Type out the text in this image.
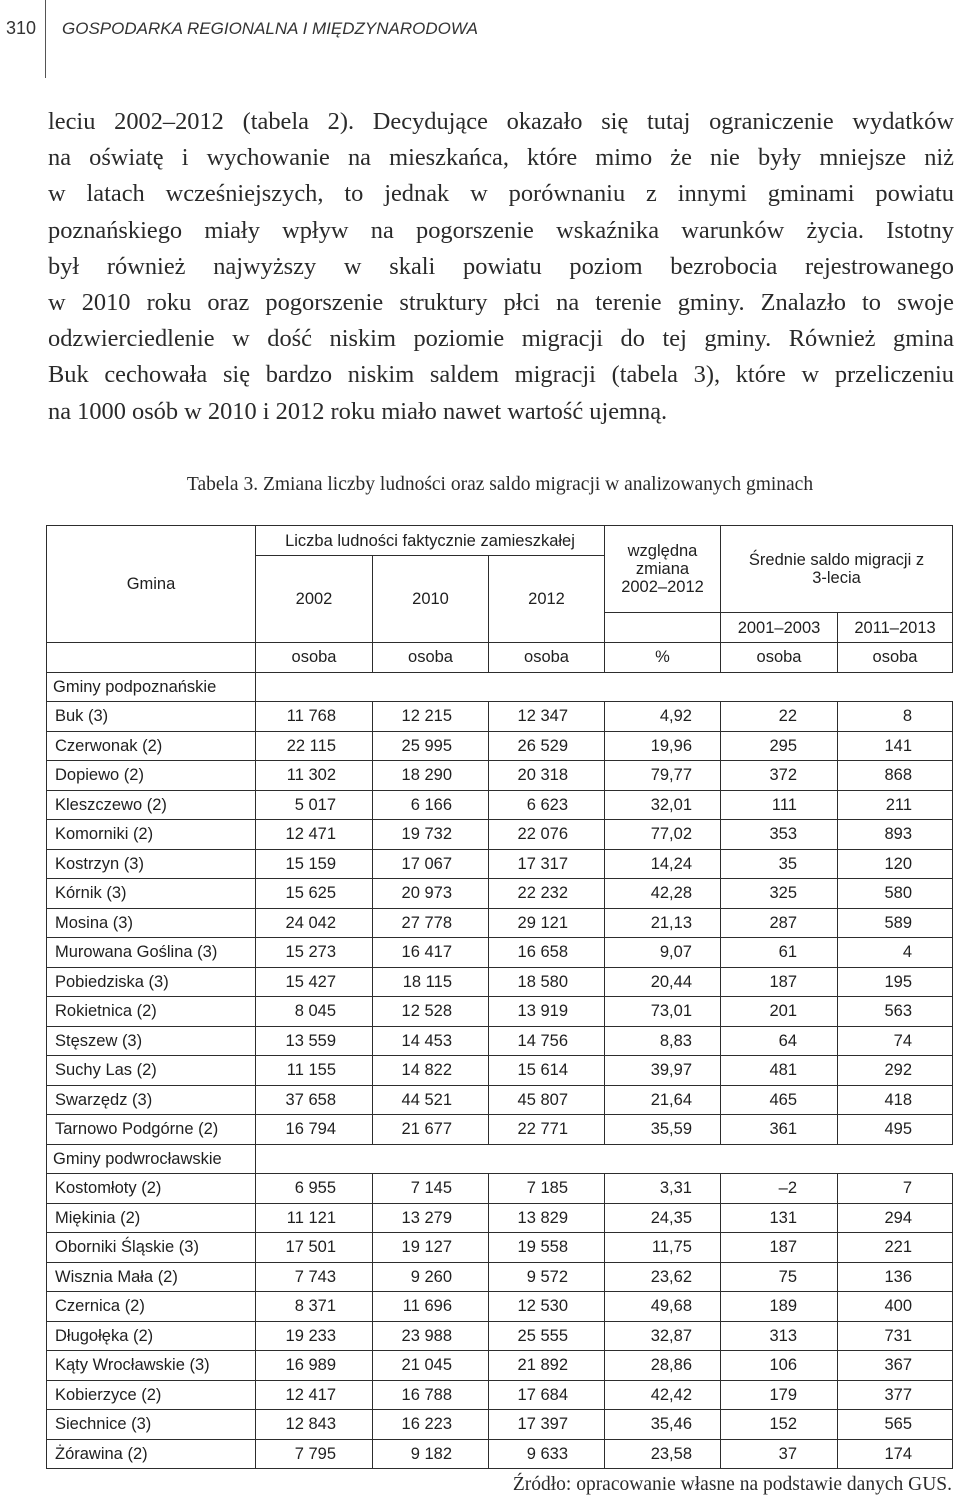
310 GOSPODARKA REGIONALNA I MIĘDZYNARODOWA
leciu 2002–2012 (tabela 2). Decydujące okazało się tutaj ograniczenie wydatków
na oświatę i wychowanie na mieszkańca, które mimo że nie były mniejsze niż
w latach wcześniejszych, to jednak w porównaniu z innymi gminami powiatu
poznańskiego miały wpływ na pogorszenie wskaźnika warunków życia. Istotny
był również najwyższy w skali powiatu poziom bezrobocia rejestrowanego
w 2010 roku oraz pogorszenie struktury płci na terenie gminy. Znalazło to swoje
odzwierciedlenie w dość niskim poziomie migracji do tej gminy. Również gmina
Buk cechowała się bardzo niskim saldem migracji (tabela 3), które w przeliczeniu
na 1000 osób w 2010 i 2012 roku miało nawet wartość ujemną.
Tabela 3. Zmiana liczby ludności oraz saldo migracji w analizowanych gminach
Gmina	Liczba ludności faktycznie zamieszkałej			względna
zmiana
2002–2012	Średnie saldo migracji z 3-lecia	
	2002	2010	2012			
					2001–2003	2011–2013
	osoba	osoba	osoba	%	osoba	osoba
Gminy podpoznańskie						
Buk (3)	11 768	12 215	12 347	4,92	22	8
Czerwonak (2)	22 115	25 995	26 529	19,96	295	141
Dopiewo (2)	11 302	18 290	20 318	79,77	372	868
Kleszczewo (2)	5 017	6 166	6 623	32,01	111	211
Komorniki (2)	12 471	19 732	22 076	77,02	353	893
Kostrzyn (3)	15 159	17 067	17 317	14,24	35	120
Kórnik (3)	15 625	20 973	22 232	42,28	325	580
Mosina (3)	24 042	27 778	29 121	21,13	287	589
Murowana Goślina (3)	15 273	16 417	16 658	9,07	61	4
Pobiedziska (3)	15 427	18 115	18 580	20,44	187	195
Rokietnica (2)	8 045	12 528	13 919	73,01	201	563
Stęszew (3)	13 559	14 453	14 756	8,83	64	74
Suchy Las (2)	11 155	14 822	15 614	39,97	481	292
Swarzędz (3)	37 658	44 521	45 807	21,64	465	418
Tarnowo Podgórne (2)	16 794	21 677	22 771	35,59	361	495
Gminy podwrocławskie						
Kostomłoty (2)	6 955	7 145	7 185	3,31	–2	7
Miękinia (2)	11 121	13 279	13 829	24,35	131	294
Oborniki Śląskie (3)	17 501	19 127	19 558	11,75	187	221
Wisznia Mała (2)	7 743	9 260	9 572	23,62	75	136
Czernica (2)	8 371	11 696	12 530	49,68	189	400
Długołęka (2)	19 233	23 988	25 555	32,87	313	731
Kąty Wrocławskie (3)	16 989	21 045	21 892	28,86	106	367
Kobierzyce (2)	12 417	16 788	17 684	42,42	179	377
Siechnice (3)	12 843	16 223	17 397	35,46	152	565
Żórawina (2)	7 795	9 182	9 633	23,58	37	174
Źródło: opracowanie własne na podstawie danych GUS.
